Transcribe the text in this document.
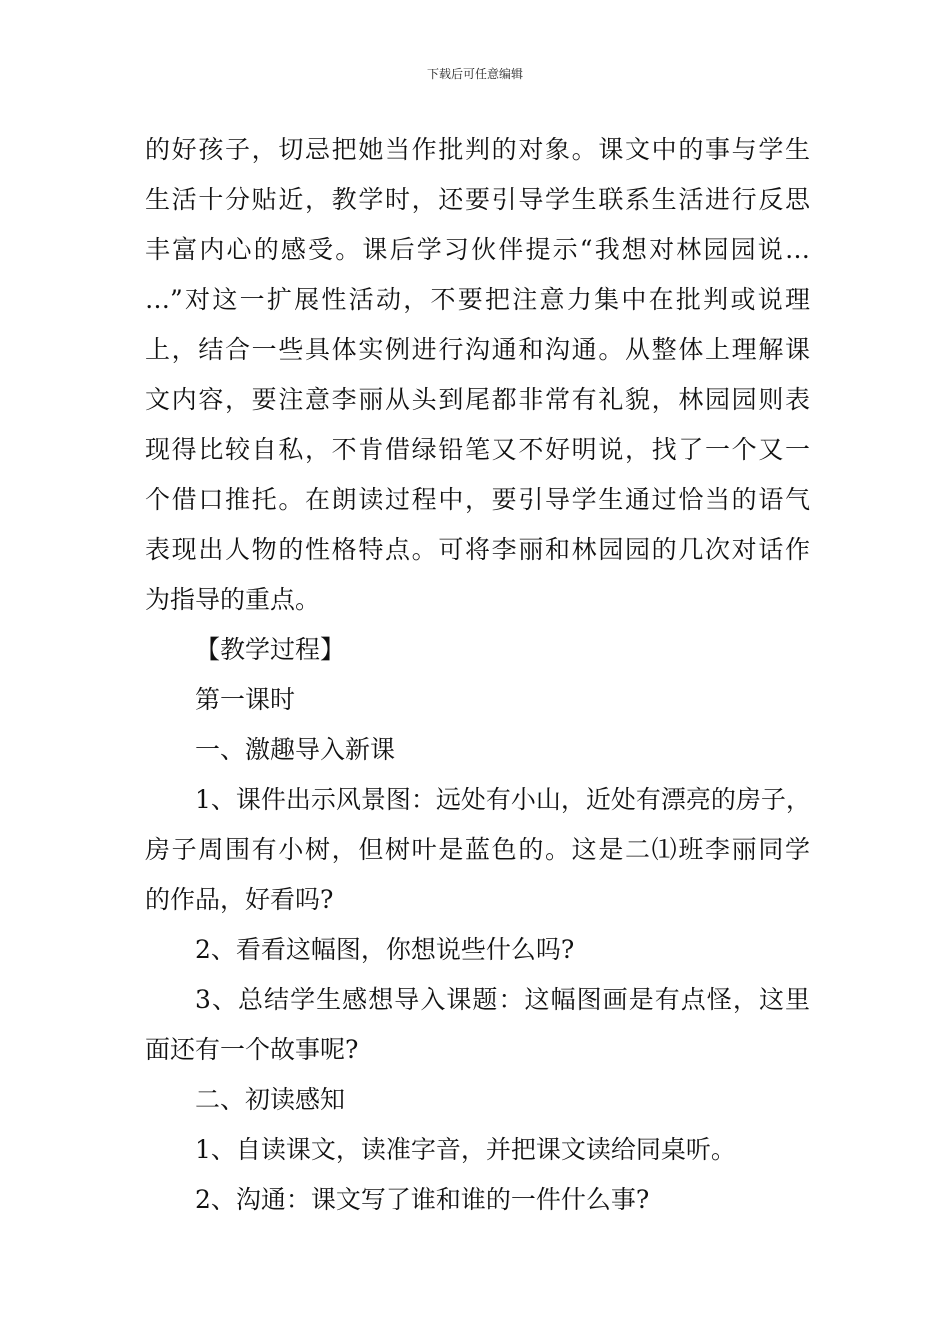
下载后可任意编辑
的好孩子，切忌把她当作批判的对象。课文中的事与学生
生活十分贴近，教学时，还要引导学生联系生活进行反思
丰富内心的感受。课后学习伙伴提示“我想对林园园说…
…”对这一扩展性活动，不要把注意力集中在批判或说理
上，结合一些具体实例进行沟通和沟通。从整体上理解课
文内容，要注意李丽从头到尾都非常有礼貌，林园园则表
现得比较自私，不肯借绿铅笔又不好明说，找了一个又一
个借口推托。在朗读过程中，要引导学生通过恰当的语气
表现出人物的性格特点。可将李丽和林园园的几次对话作
为指导的重点。
【教学过程】
第一课时
一、激趣导入新课
1、课件出示风景图：远处有小山，近处有漂亮的房子，
房子周围有小树，但树叶是蓝色的。这是二⑴班李丽同学
的作品，好看吗?
2、看看这幅图，你想说些什么吗?
3、总结学生感想导入课题：这幅图画是有点怪，这里
面还有一个故事呢?
二、初读感知
1、自读课文，读准字音，并把课文读给同桌听。
2、沟通：课文写了谁和谁的一件什么事?
